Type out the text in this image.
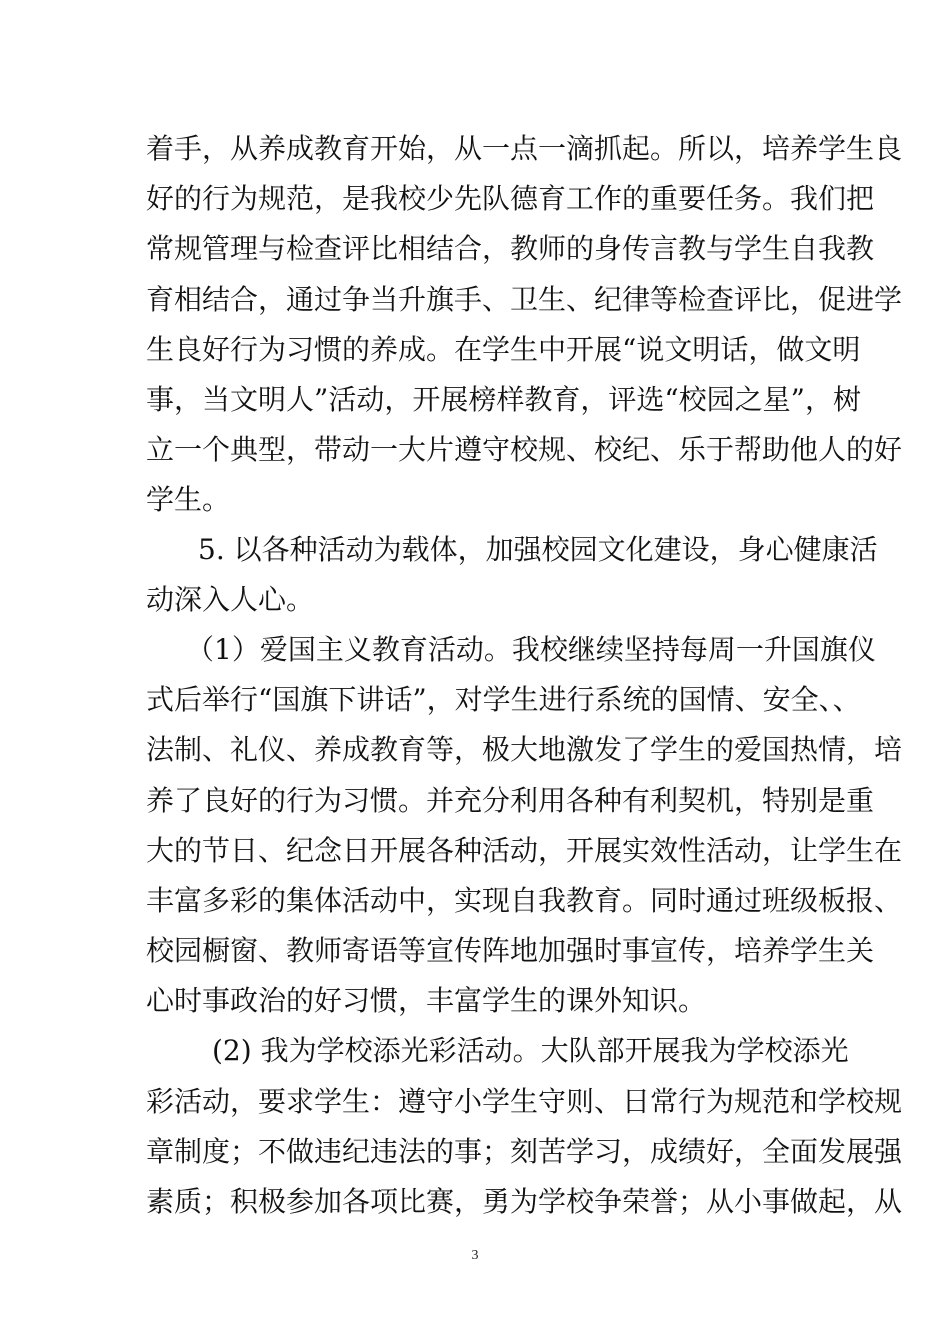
着手，从养成教育开始，从一点一滴抓起。所以，培养学生良
好的行为规范，是我校少先队德育工作的重要任务。我们把
常规管理与检查评比相结合，教师的身传言教与学生自我教
育相结合，通过争当升旗手、卫生、纪律等检查评比，促进学
生良好行为习惯的养成。在学生中开展“说文明话，做文明
事，当文明人”活动，开展榜样教育，评选“校园之星”，树
立一个典型，带动一大片遵守校规、校纪、乐于帮助他人的好
学生。
5. 以各种活动为载体，加强校园文化建设，身心健康活
动深入人心。
（1）爱国主义教育活动。我校继续坚持每周一升国旗仪
式后举行“国旗下讲话”，对学生进行系统的国情、安全、、
法制、礼仪、养成教育等，极大地激发了学生的爱国热情，培
养了良好的行为习惯。并充分利用各种有利契机，特别是重
大的节日、纪念日开展各种活动，开展实效性活动，让学生在
丰富多彩的集体活动中，实现自我教育。同时通过班级板报、
校园橱窗、教师寄语等宣传阵地加强时事宣传，培养学生关
心时事政治的好习惯，丰富学生的课外知识。
(2) 我为学校添光彩活动。大队部开展我为学校添光
彩活动，要求学生：遵守小学生守则、日常行为规范和学校规
章制度；不做违纪违法的事；刻苦学习，成绩好，全面发展强
素质；积极参加各项比赛，勇为学校争荣誉；从小事做起，从
3
